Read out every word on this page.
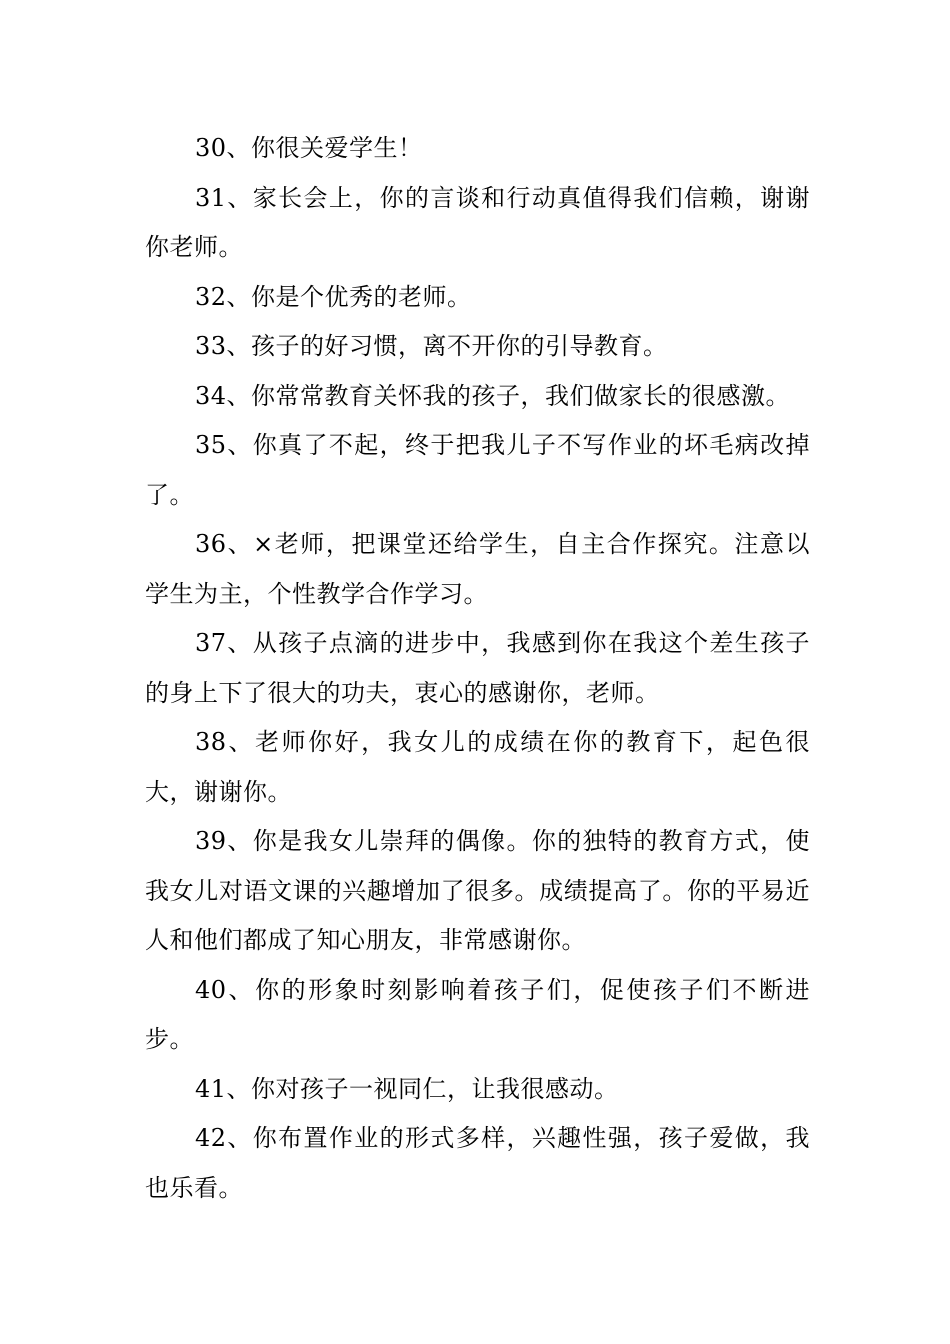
30、你很关爱学生！

31、家长会上，你的言谈和行动真值得我们信赖，谢谢你老师。

32、你是个优秀的老师。

33、孩子的好习惯，离不开你的引导教育。

34、你常常教育关怀我的孩子，我们做家长的很感激。

35、你真了不起，终于把我儿子不写作业的坏毛病改掉了。

36、×老师，把课堂还给学生，自主合作探究。注意以学生为主，个性教学合作学习。

37、从孩子点滴的进步中，我感到你在我这个差生孩子的身上下了很大的功夫，衷心的感谢你，老师。

38、老师你好，我女儿的成绩在你的教育下，起色很大，谢谢你。

39、你是我女儿崇拜的偶像。你的独特的教育方式，使我女儿对语文课的兴趣增加了很多。成绩提高了。你的平易近人和他们都成了知心朋友，非常感谢你。

40、你的形象时刻影响着孩子们，促使孩子们不断进步。

41、你对孩子一视同仁，让我很感动。

42、你布置作业的形式多样，兴趣性强，孩子爱做，我也乐看。
